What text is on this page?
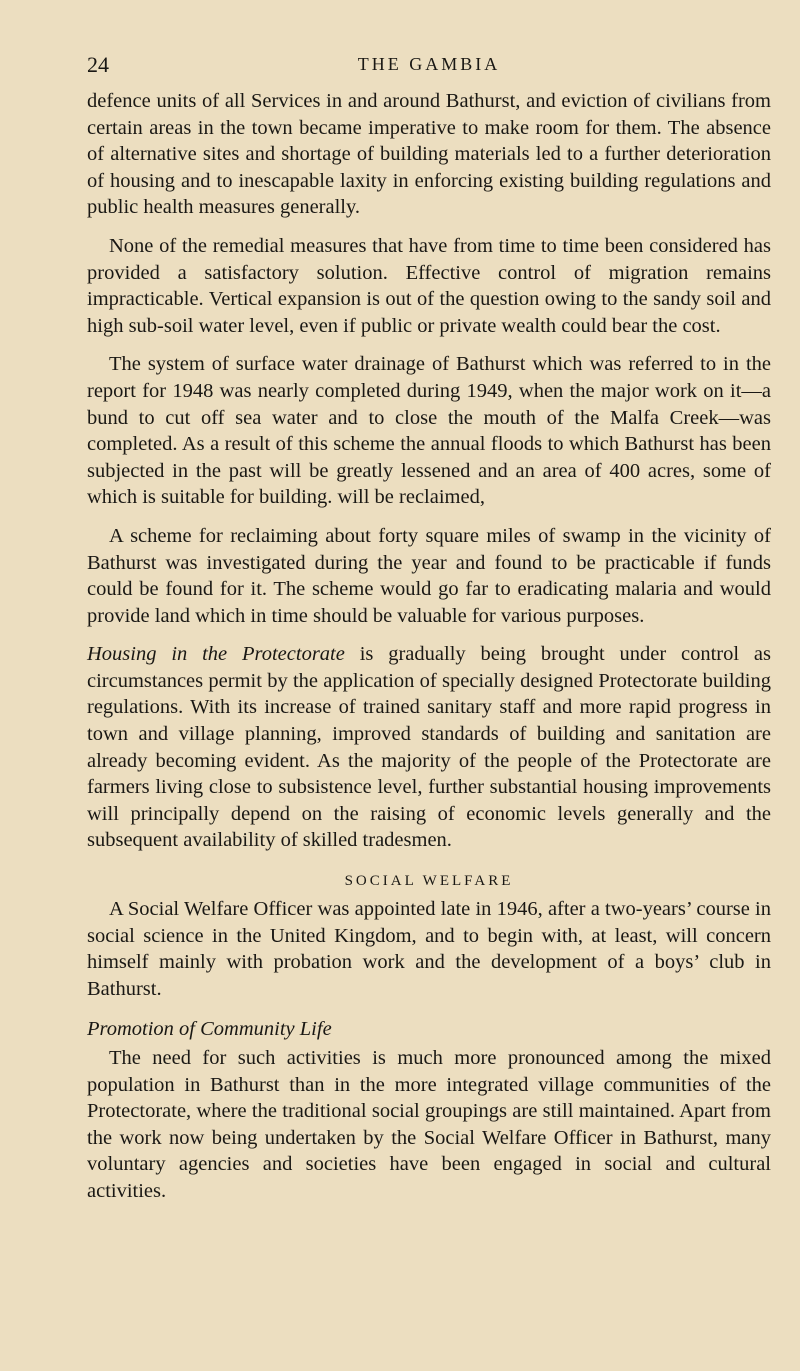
24	THE GAMBIA

defence units of all Services in and around Bathurst, and eviction of civilians from certain areas in the town became imperative to make room for them. The absence of alternative sites and shortage of building materials led to a further deterioration of housing and to inescapable laxity in enforcing existing building regulations and public health measures generally.

None of the remedial measures that have from time to time been considered has provided a satisfactory solution. Effective control of migration remains impracticable. Vertical expansion is out of the question owing to the sandy soil and high sub-soil water level, even if public or private wealth could bear the cost.

The system of surface water drainage of Bathurst which was referred to in the report for 1948 was nearly completed during 1949, when the major work on it—a bund to cut off sea water and to close the mouth of the Malfa Creek—was completed. As a result of this scheme the annual floods to which Bathurst has been subjected in the past will be greatly lessened and an area of 400 acres, some of which is suitable for building. will be reclaimed,

A scheme for reclaiming about forty square miles of swamp in the vicinity of Bathurst was investigated during the year and found to be practicable if funds could be found for it. The scheme would go far to eradicating malaria and would provide land which in time should be valuable for various purposes.

Housing in the Protectorate is gradually being brought under control as circumstances permit by the application of specially designed Protectorate building regulations. With its increase of trained sanitary staff and more rapid progress in town and village planning, improved standards of building and sanitation are already becoming evident. As the majority of the people of the Protectorate are farmers living close to subsistence level, further substantial housing improvements will principally depend on the raising of economic levels generally and the subsequent availability of skilled tradesmen.

SOCIAL WELFARE

A Social Welfare Officer was appointed late in 1946, after a two-years’ course in social science in the United Kingdom, and to begin with, at least, will concern himself mainly with probation work and the development of a boys’ club in Bathurst.

Promotion of Community Life

The need for such activities is much more pronounced among the mixed population in Bathurst than in the more integrated village communities of the Protectorate, where the traditional social groupings are still maintained. Apart from the work now being undertaken by the Social Welfare Officer in Bathurst, many voluntary agencies and societies have been engaged in social and cultural activities.
